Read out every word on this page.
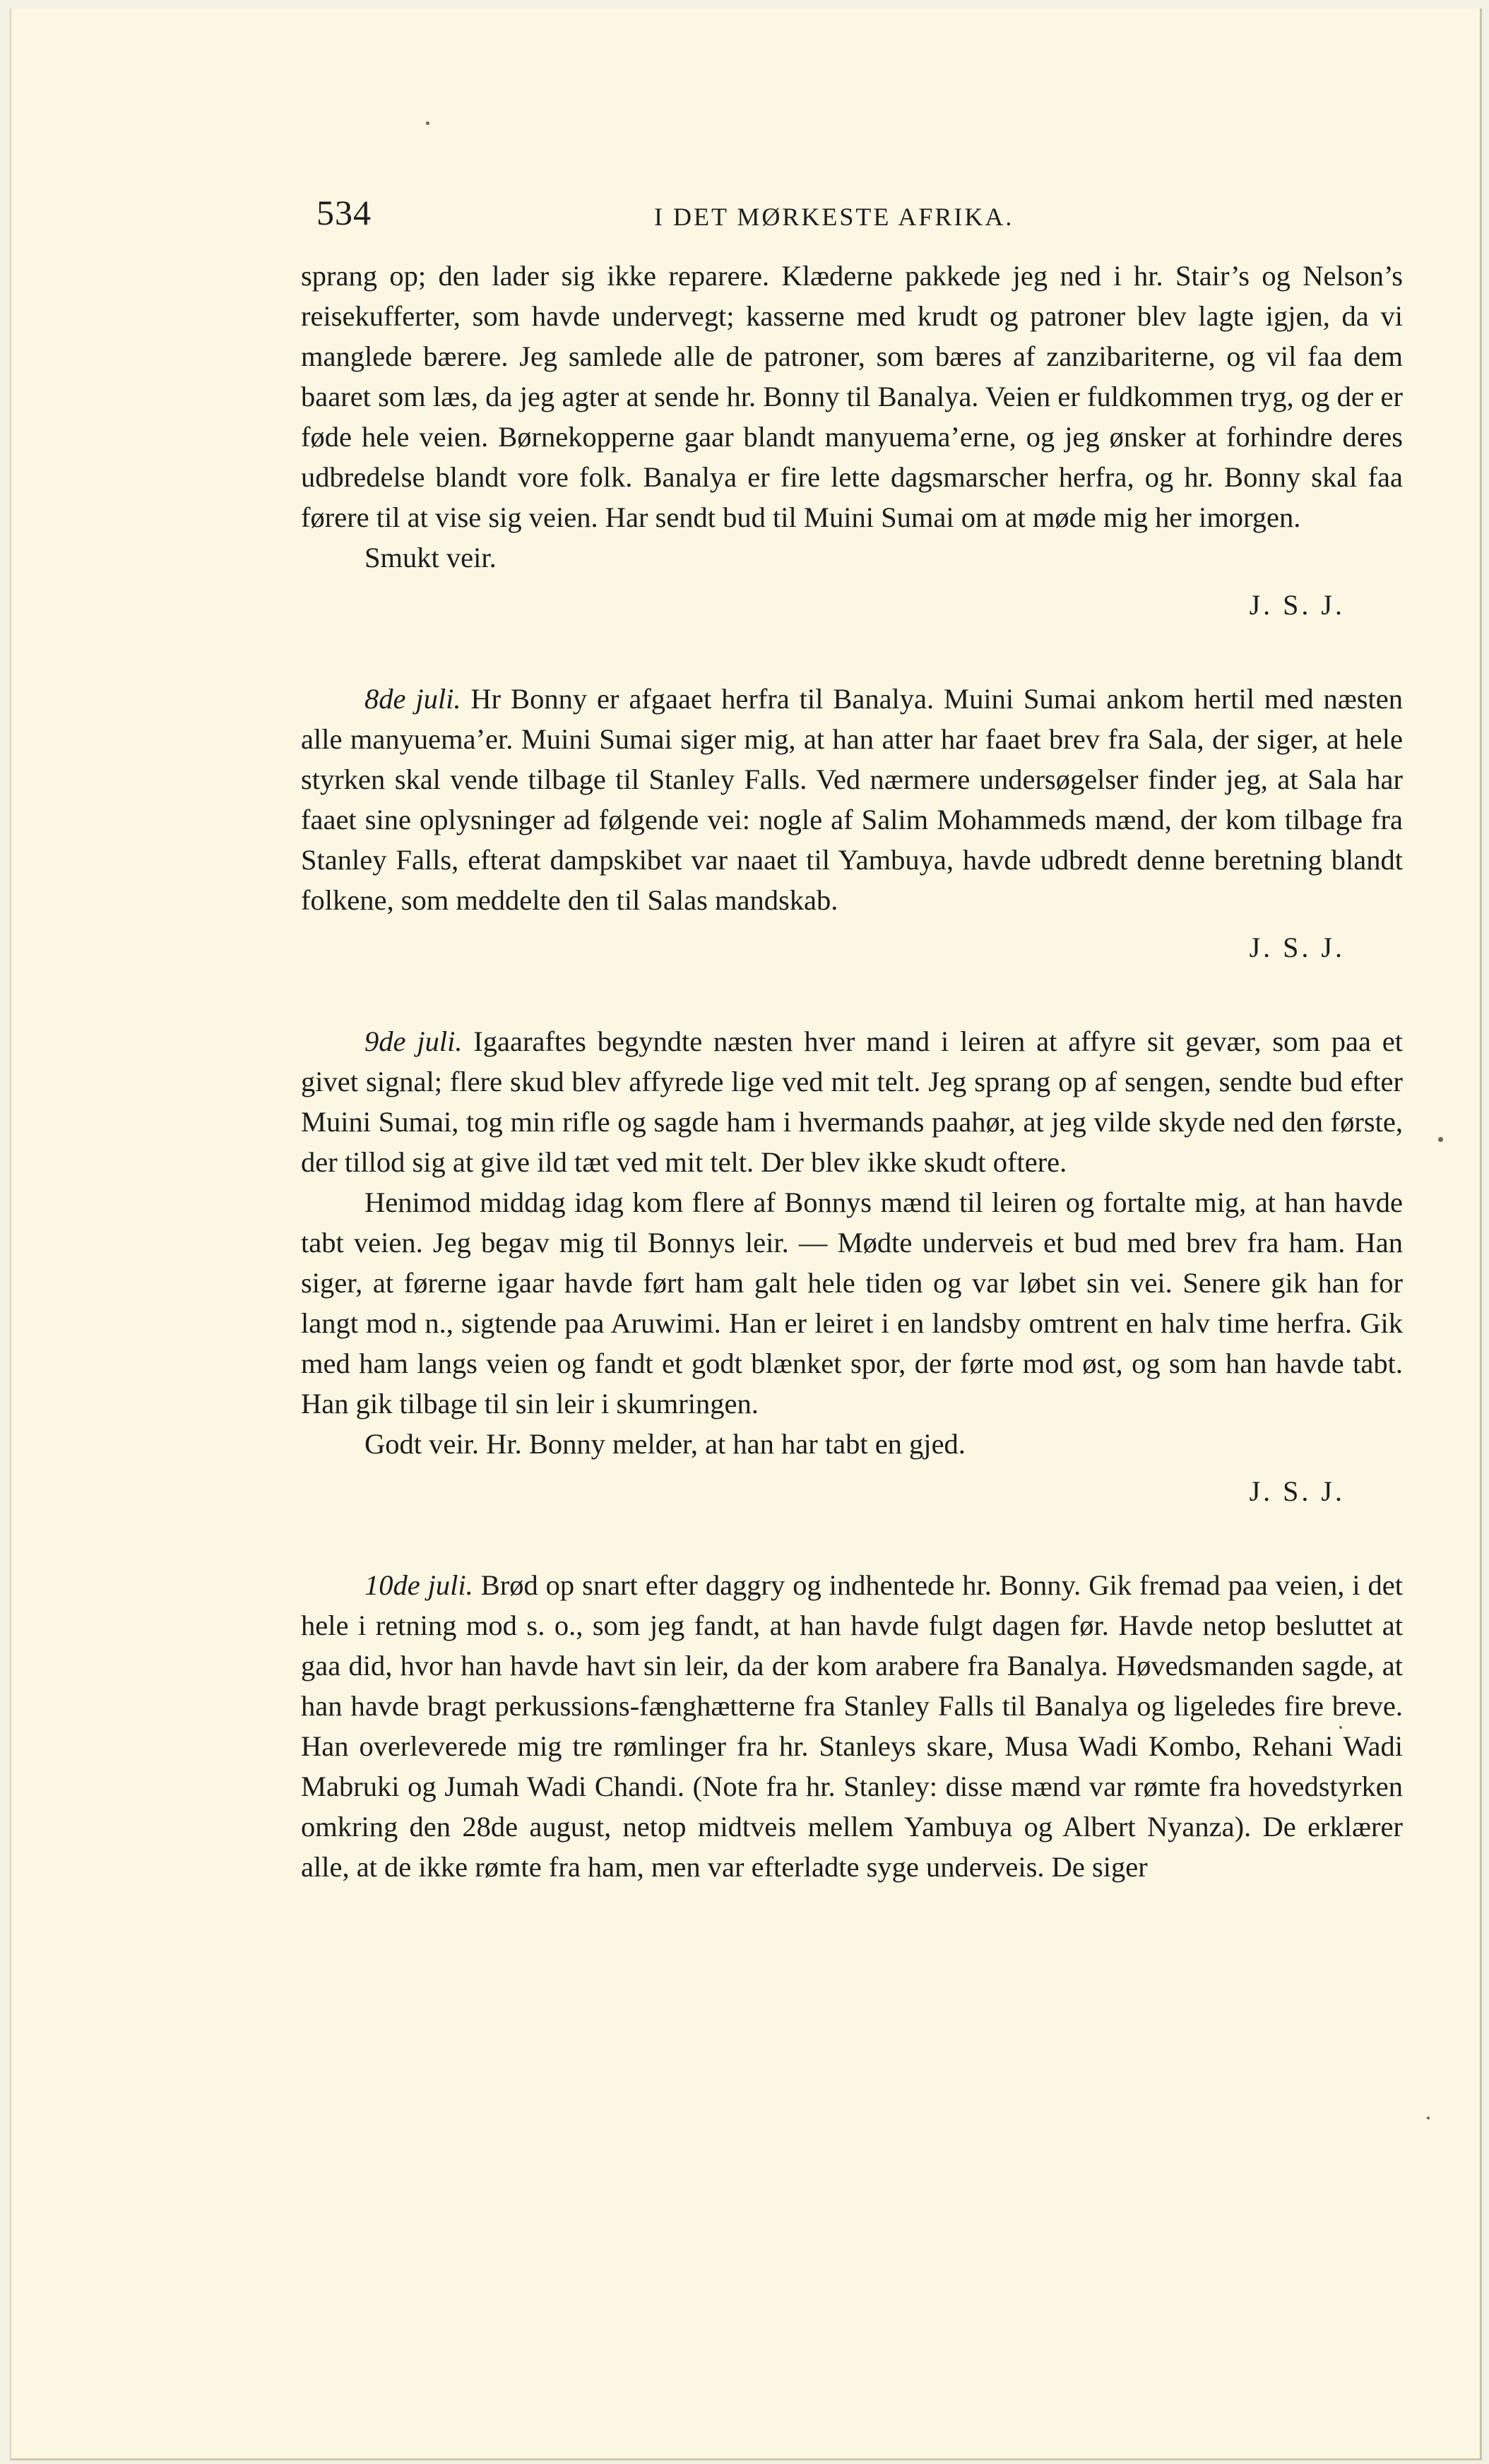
534	I DET MØRKESTE AFRIKA.

sprang op; den lader sig ikke reparere. Klæderne pakkede jeg ned i hr. Stair’s og Nelson’s reisekufferter, som havde undervegt; kasserne med krudt og patroner blev lagte igjen, da vi manglede bærere. Jeg samlede alle de patroner, som bæres af zanzibariterne, og vil faa dem baaret som læs, da jeg agter at sende hr. Bonny til Banalya. Veien er fuldkommen tryg, og der er føde hele veien. Børnekopperne gaar blandt manyuema’erne, og jeg ønsker at forhindre deres udbredelse blandt vore folk. Banalya er fire lette dagsmarscher herfra, og hr. Bonny skal faa førere til at vise sig veien. Har sendt bud til Muini Sumai om at møde mig her imorgen.

Smukt veir.

J. S. J.

8de juli. Hr Bonny er afgaaet herfra til Banalya. Muini Sumai ankom hertil med næsten alle manyuema’er. Muini Sumai siger mig, at han atter har faaet brev fra Sala, der siger, at hele styrken skal vende tilbage til Stanley Falls. Ved nærmere undersøgelser finder jeg, at Sala har faaet sine oplysninger ad følgende vei: nogle af Salim Mohammeds mænd, der kom tilbage fra Stanley Falls, efterat dampskibet var naaet til Yambuya, havde udbredt denne beretning blandt folkene, som meddelte den til Salas mandskab.

J. S. J.

9de juli. Igaaraftes begyndte næsten hver mand i leiren at affyre sit gevær, som paa et givet signal; flere skud blev affyrede lige ved mit telt. Jeg sprang op af sengen, sendte bud efter Muini Sumai, tog min rifle og sagde ham i hvermands paahør, at jeg vilde skyde ned den første, der tillod sig at give ild tæt ved mit telt. Der blev ikke skudt oftere.

Henimod middag idag kom flere af Bonnys mænd til leiren og fortalte mig, at han havde tabt veien. Jeg begav mig til Bonnys leir. — Mødte underveis et bud med brev fra ham. Han siger, at førerne igaar havde ført ham galt hele tiden og var løbet sin vei. Senere gik han for langt mod n., sigtende paa Aruwimi. Han er leiret i en landsby omtrent en halv time herfra. Gik med ham langs veien og fandt et godt blænket spor, der førte mod øst, og som han havde tabt. Han gik tilbage til sin leir i skumringen.

Godt veir. Hr. Bonny melder, at han har tabt en gjed.

J. S. J.

10de juli. Brød op snart efter daggry og indhentede hr. Bonny. Gik fremad paa veien, i det hele i retning mod s. o., som jeg fandt, at han havde fulgt dagen før. Havde netop besluttet at gaa did, hvor han havde havt sin leir, da der kom arabere fra Banalya. Høvedsmanden sagde, at han havde bragt perkussions-fænghætterne fra Stanley Falls til Banalya og ligeledes fire breve. Han overleverede mig tre rømlinger fra hr. Stanleys skare, Musa Wadi Kombo, Rehani Wadi Mabruki og Jumah Wadi Chandi. (Note fra hr. Stanley: disse mænd var rømte fra hovedstyrken omkring den 28de august, netop midtveis mellem Yambuya og Albert Nyanza). De erklærer alle, at de ikke rømte fra ham, men var efterladte syge underveis. De siger
